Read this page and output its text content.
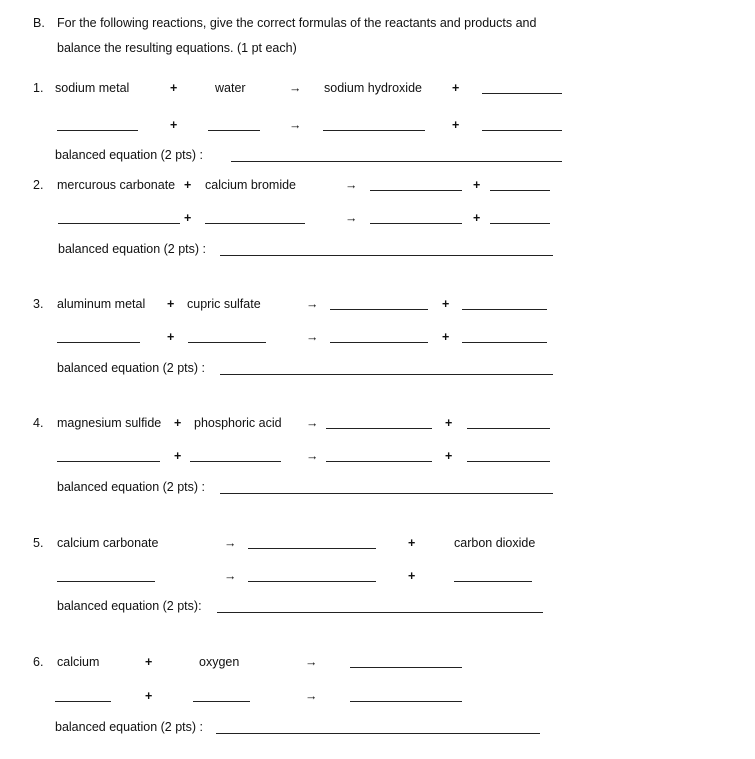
B. For the following reactions, give the correct formulas of the reactants and products and
balance the resulting equations. (1 pt each)
1. sodium metal	+	water	→ sodium hydroxide +
+	→	+
balanced equation (2 pts) :
2. mercurous carbonate + calcium bromide	→	+
+	→	+
balanced equation (2 pts) :
3. aluminum metal + cupric sulfate	→	+
+	→	+
balanced equation (2 pts) :
4. magnesium sulfide + phosphoric acid →	+
+	→	+
balanced equation (2 pts) :
5. calcium carbonate	→	+	carbon dioxide
→	+
balanced equation (2 pts):
6. calcium	+	oxygen	→
+	→
balanced equation (2 pts) :
